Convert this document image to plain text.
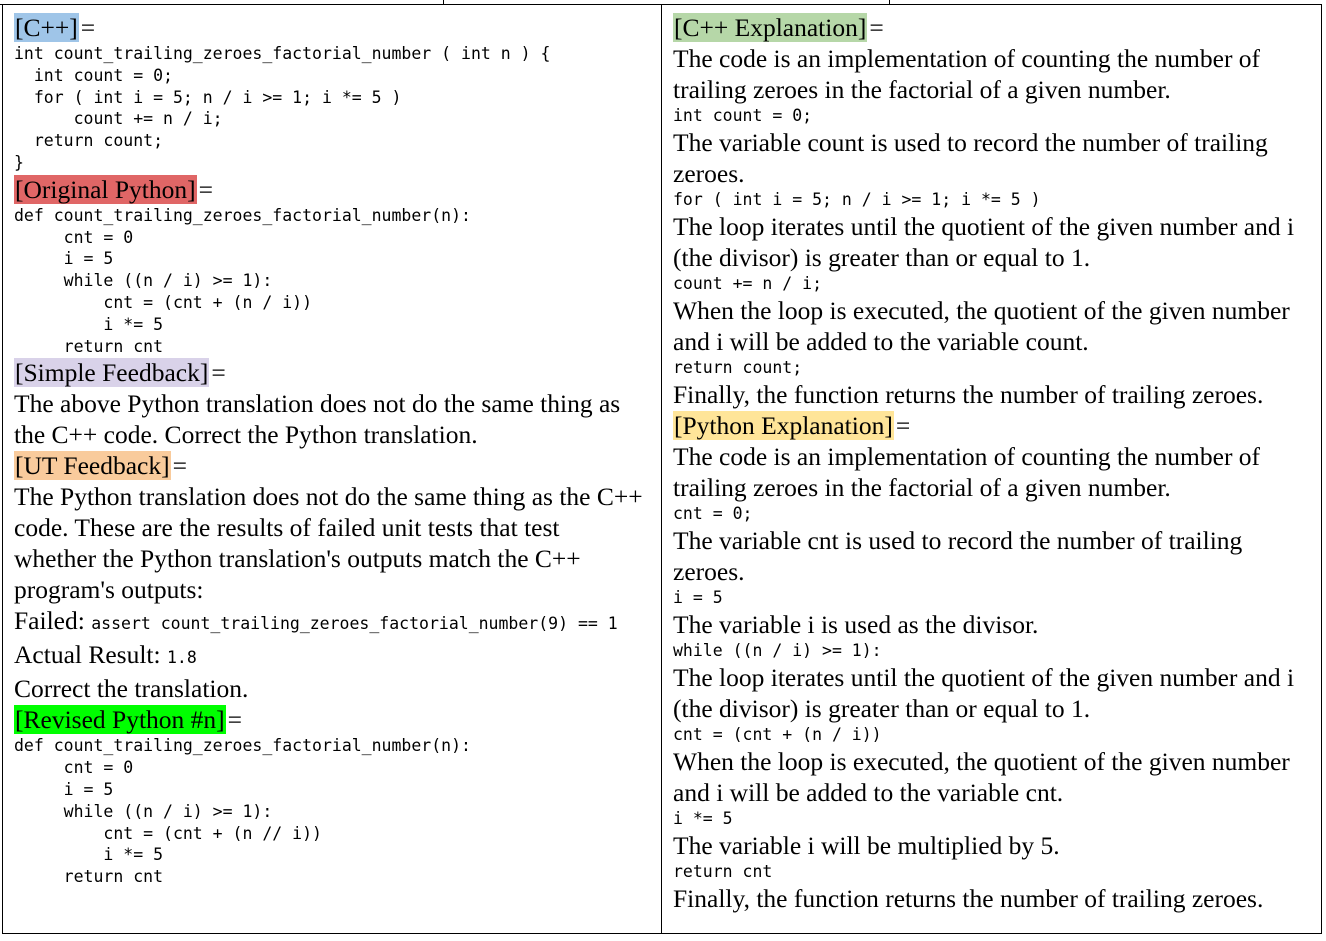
[C++] =
int count_trailing_zeroes_factorial_number ( int n ) {
int count = 0;
for ( int i = 5; n / i >= 1; i *= 5 )
count += n / i;
return count;
}
[Original Python] =
def count_trailing_zeroes_factorial_number(n):
cnt = 0
i = 5
while ((n / i) >= 1):
cnt = (cnt + (n / i))
i *= 5
return cnt
[Simple Feedback] =
The above Python translation does not do the same thing as
the C++ code. Correct the Python translation.
[UT Feedback] =
The Python translation does not do the same thing as the C++
code. These are the results of failed unit tests that test
whether the Python translation's outputs match the C++
program's outputs:
Failed: assert count_trailing_zeroes_factorial_number(9) == 1
Actual Result: 1.8
Correct the translation.
[Revised Python #n] =
def count_trailing_zeroes_factorial_number(n):
cnt = 0
i = 5
while ((n / i) >= 1):
cnt = (cnt + (n // i))
i *= 5
return cnt
[C++ Explanation] =
The code is an implementation of counting the number of
trailing zeroes in the factorial of a given number.
int count = 0;
The variable count is used to record the number of trailing
zeroes.
for ( int i = 5; n / i >= 1; i *= 5 )
The loop iterates until the quotient of the given number and i
(the divisor) is greater than or equal to 1.
count += n / i;
When the loop is executed, the quotient of the given number
and i will be added to the variable count.
return count;
Finally, the function returns the number of trailing zeroes.
[Python Explanation] =
The code is an implementation of counting the number of
trailing zeroes in the factorial of a given number.
cnt = 0;
The variable cnt is used to record the number of trailing
zeroes.
i = 5
The variable i is used as the divisor.
while ((n / i) >= 1):
The loop iterates until the quotient of the given number and i
(the divisor) is greater than or equal to 1.
cnt = (cnt + (n / i))
When the loop is executed, the quotient of the given number
and i will be added to the variable cnt.
i *= 5
The variable i will be multiplied by 5.
return cnt
Finally, the function returns the number of trailing zeroes.
